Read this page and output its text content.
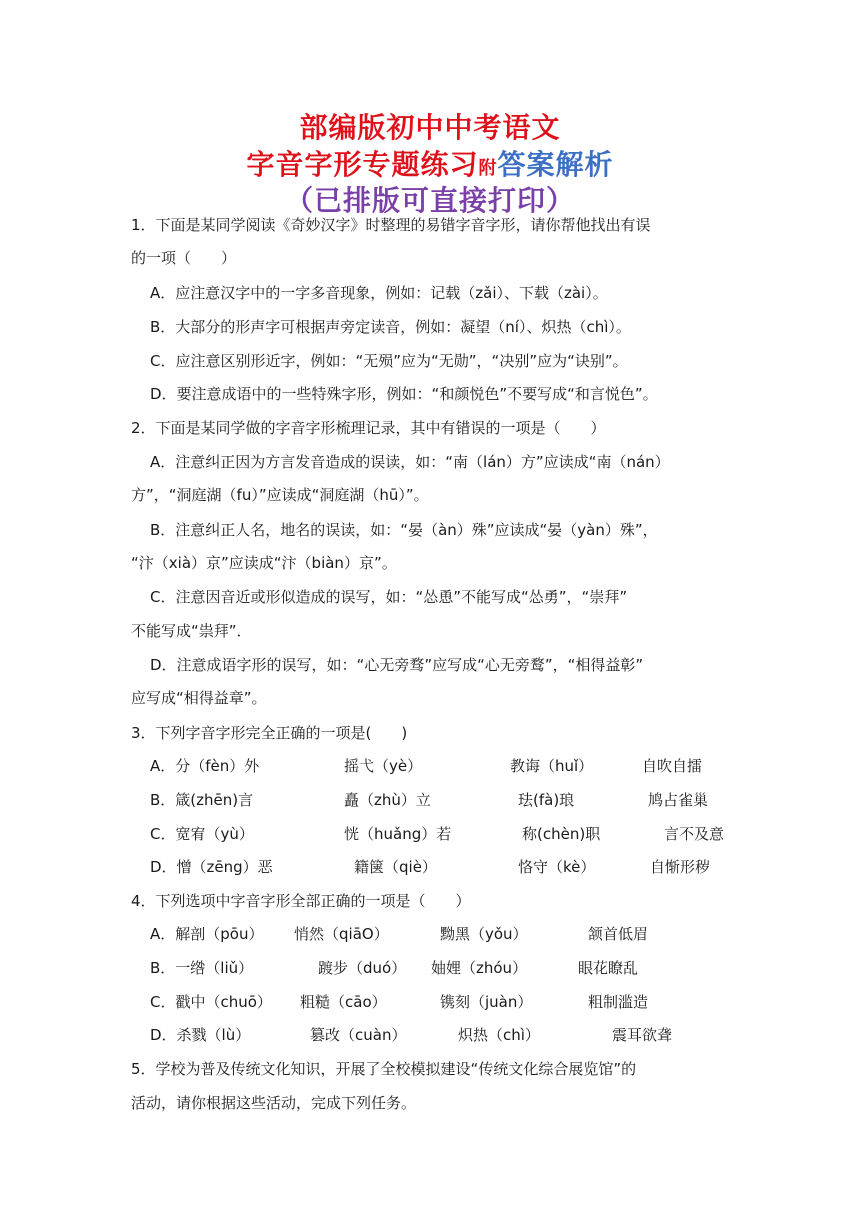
部编版初中中考语文
字音字形专题练习附答案解析
（已排版可直接打印）
1．下面是某同学阅读《奇妙汉字》时整理的易错字音字形，请你帮他找出有误
的一项（　　）
A．应注意汉字中的一字多音现象，例如：记载（zǎi）、下载（zài）。
B．大部分的形声字可根据声旁定读音，例如：凝望（ní）、炽热（chì）。
C．应注意区别形近字，例如：“无殒”应为“无勋”，“决别”应为“诀别”。
D．要注意成语中的一些特殊字形，例如：“和颜悦色”不要写成“和言悦色”。
2．下面是某同学做的字音字形梳理记录，其中有错误的一项是（　　）
A．注意纠正因为方言发音造成的误读，如：“南（lán）方”应读成“南（nán）
方”，“洞庭湖（fu）”应读成“洞庭湖（hū）”。
B．注意纠正人名，地名的误读，如：“晏（àn）殊”应读成“晏（yàn）殊”，
“汴（xià）京”应读成“汴（biàn）京”。
C．注意因音近或形似造成的误写，如：“怂恿”不能写成“怂勇”，“崇拜”
不能写成“祟拜”．
D．注意成语字形的误写，如：“心无旁骛”应写成“心无旁鹜”，“相得益彰”
应写成“相得益章”。
3．下列字音字形完全正确的一项是(　　)
A．分（fèn）外	摇弋（yè）	教诲（huǐ）	自吹自擂
B．箴(zhēn)言	矗（zhù）立	珐(fà)琅	鸠占雀巢
C．宽宥（yù）	恍（huǎng）若	称(chèn)职	言不及意
D．憎（zēng）恶	籍箧（qiè）	恪守（kè）	自惭形秽
4．下列选项中字音字形全部正确的一项是（　　）
A．解剖（pōu） 悄然（qiāO）	黝黑（yǒu）	颔首低眉
B．一绺（liǔ）	踱步（duó） 妯娌（zhóu）	眼花瞭乱
C．戳中（chuō） 粗糙（cāo）	镌刻（juàn）	粗制滥造
D．杀戮（lù）	篡改（cuàn）	炽热（chì）	震耳欲聋
5．学校为普及传统文化知识，开展了全校模拟建设“传统文化综合展览馆”的
活动，请你根据这些活动，完成下列任务。
